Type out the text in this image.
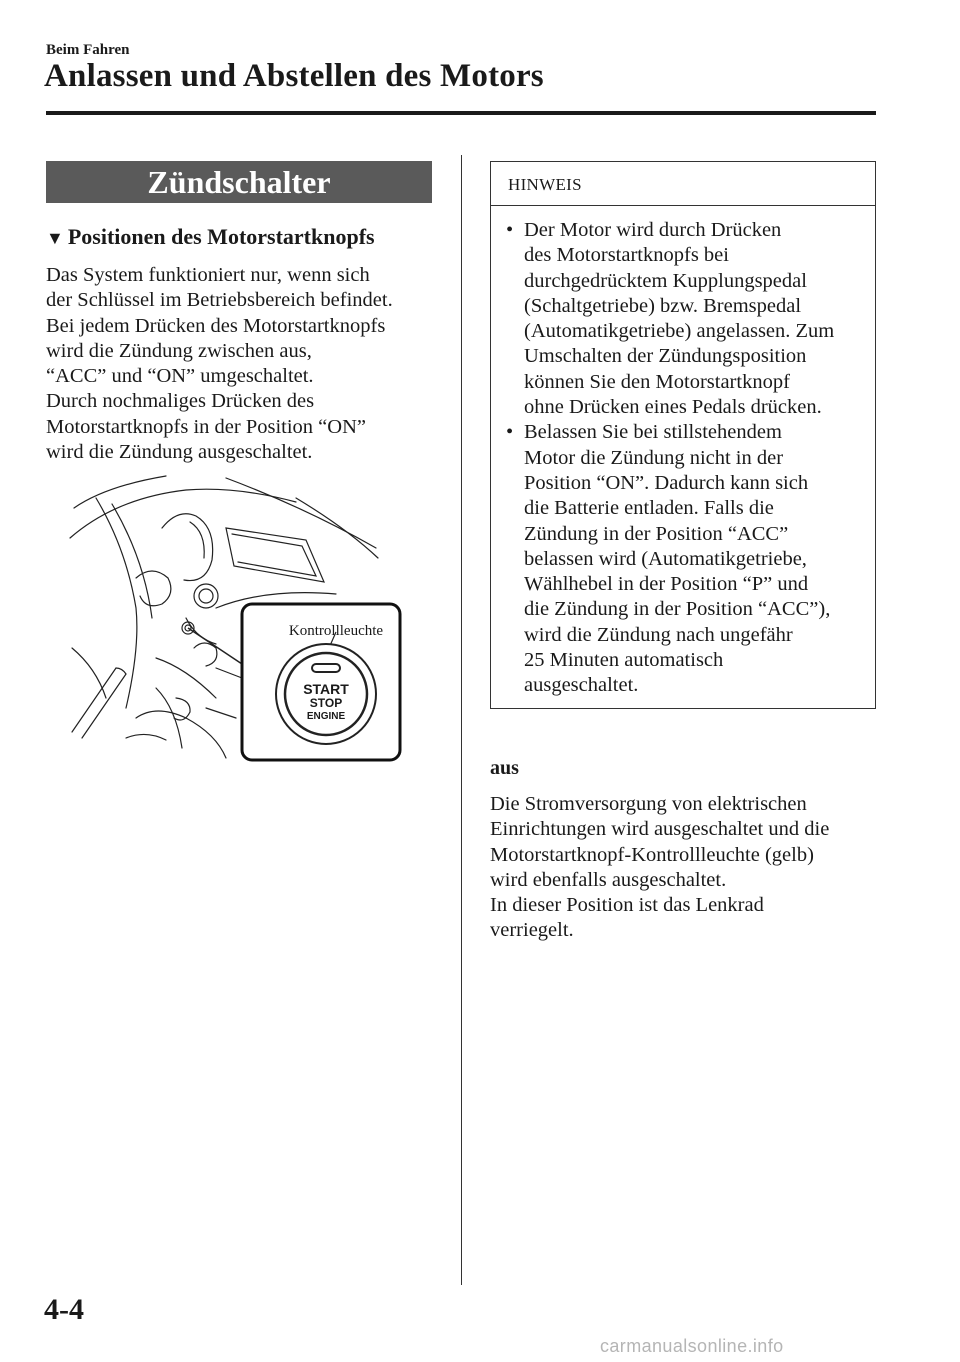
Beim Fahren
Anlassen und Abstellen des Motors
Zündschalter
▼ Positionen des Motorstartknopfs
Das System funktioniert nur, wenn sich
der Schlüssel im Betriebsbereich befindet.
Bei jedem Drücken des Motorstartknopfs
wird die Zündung zwischen aus,
“ACC” und “ON” umgeschaltet.
Durch nochmaliges Drücken des
Motorstartknopfs in der Position “ON”
wird die Zündung ausgeschaltet.
Kontrollleuchte
START
STOP
ENGINE
HINWEIS
• Der Motor wird durch Drücken
des Motorstartknopfs bei
durchgedrücktem Kupplungspedal
(Schaltgetriebe) bzw. Bremspedal
(Automatikgetriebe) angelassen. Zum
Umschalten der Zündungsposition
können Sie den Motorstartknopf
ohne Drücken eines Pedals drücken.
• Belassen Sie bei stillstehendem
Motor die Zündung nicht in der
Position “ON”. Dadurch kann sich
die Batterie entladen. Falls die
Zündung in der Position “ACC”
belassen wird (Automatikgetriebe,
Wählhebel in der Position “P” und
die Zündung in der Position “ACC”),
wird die Zündung nach ungefähr
25 Minuten automatisch
ausgeschaltet.
aus
Die Stromversorgung von elektrischen
Einrichtungen wird ausgeschaltet und die
Motorstartknopf-Kontrollleuchte (gelb)
wird ebenfalls ausgeschaltet.
In dieser Position ist das Lenkrad
verriegelt.
4-4
carmanualsonline.info
